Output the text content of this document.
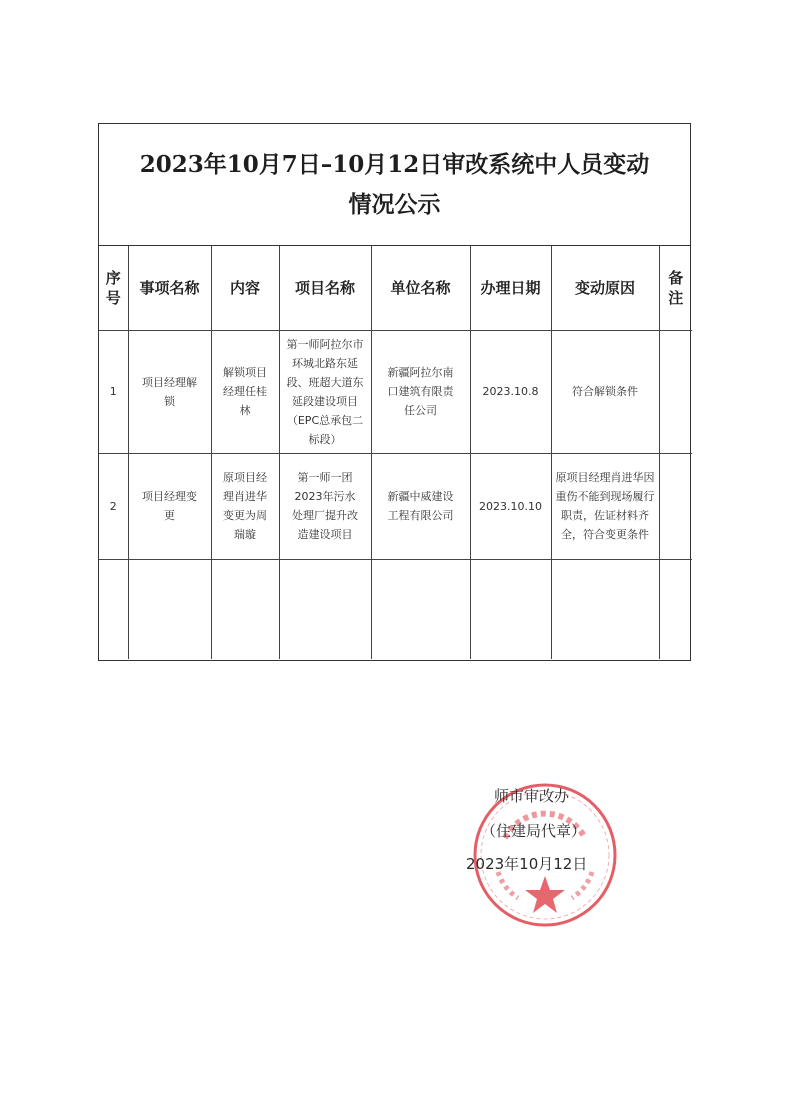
2023年10月7日–10月12日审改系统中人员变动
情况公示
序号	事项名称	内容	项目名称	单位名称	办理日期	变动原因	备注
1	项目经理解锁	解锁项目经理任桂林	第一师阿拉尔市环城北路东延段、班超大道东延段建设项目（EPC总承包二标段）	新疆阿拉尔南口建筑有限责任公司	2023.10.8	符合解锁条件	
2	项目经理变更	原项目经理肖进华变更为周瑞璇	第一师一团2023年污水处理厂提升改造建设项目	新疆中威建设工程有限公司	2023.10.10	原项目经理肖进华因重伤不能到现场履行职责，佐证材料齐全，符合变更条件	

师市审改办
（住建局代章）
2023年10月12日
